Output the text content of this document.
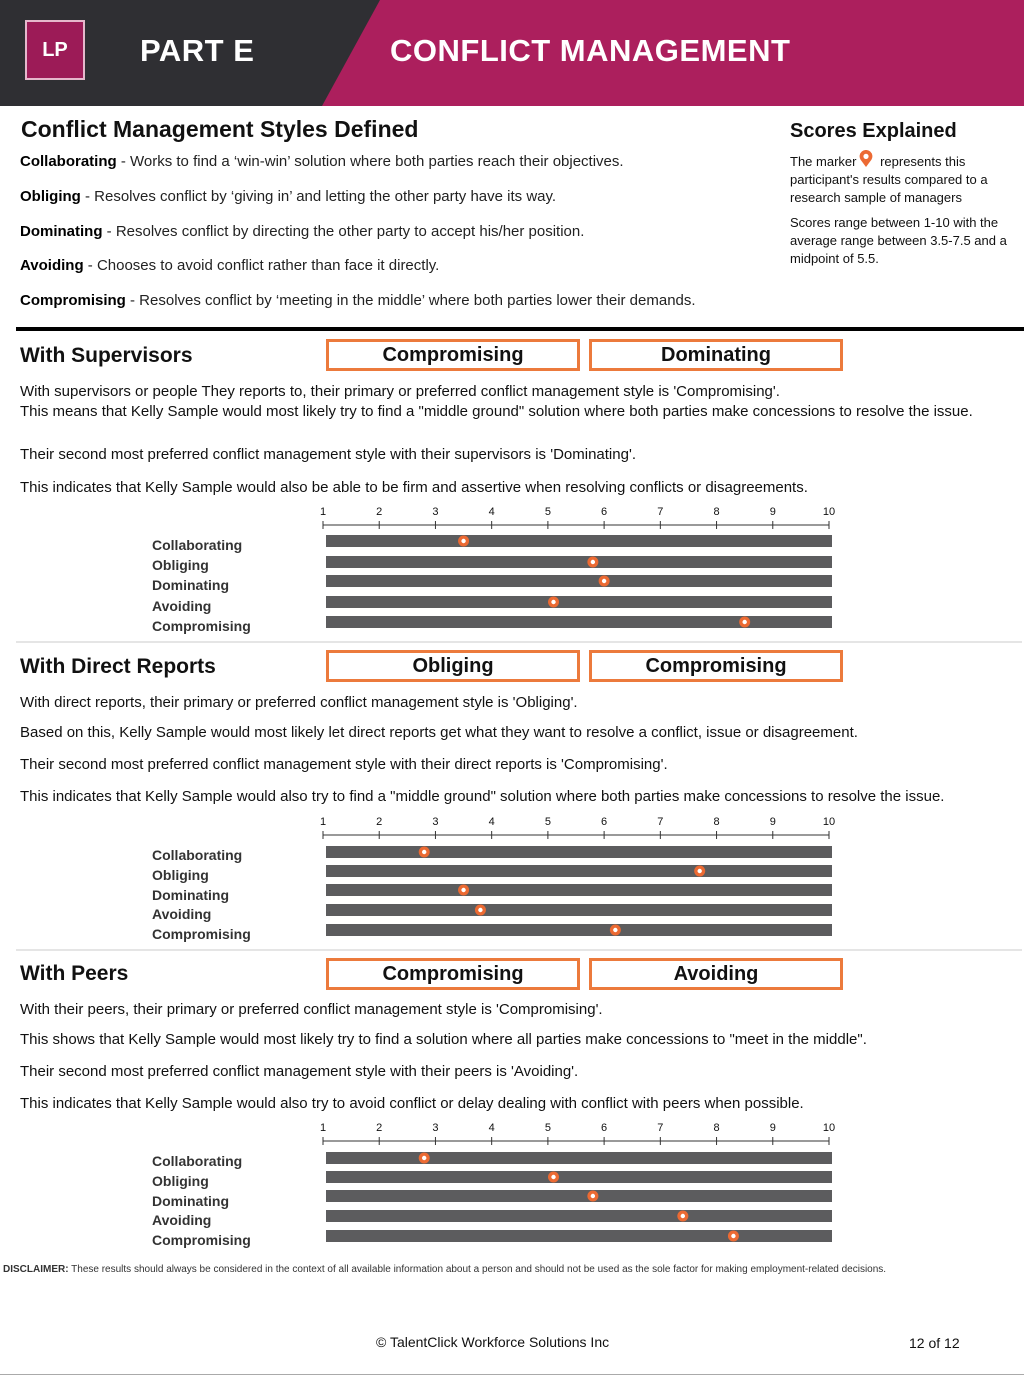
LP	PART E	CONFLICT MANAGEMENT
Conflict Management Styles Defined
Collaborating - Works to find a ‘win-win’ solution where both parties reach their objectives.
Obliging - Resolves conflict by ‘giving in’ and letting the other party have its way.
Dominating - Resolves conflict by directing the other party to accept his/her position.
Avoiding - Chooses to avoid conflict rather than face it directly.
Compromising - Resolves conflict by ‘meeting in the middle’ where both parties lower their demands.
Scores Explained
The marker represents this participant's results compared to a research sample of managers
Scores range between 1-10 with the average range between 3.5-7.5 and a midpoint of 5.5.
With Supervisors	Compromising	Dominating
With supervisors or people They reports to, their primary or preferred conflict management style is 'Compromising'.
This means that Kelly Sample would most likely try to find a "middle ground" solution where both parties make concessions to resolve the issue.
Their second most preferred conflict management style with their supervisors is 'Dominating'.
This indicates that Kelly Sample would also be able to be firm and assertive when resolving conflicts or disagreements.
1	2	3	4	5	6	7	8	9	10
Collaborating
Obliging
Dominating
Avoiding
Compromising
With Direct Reports	Obliging	Compromising
With direct reports, their primary or preferred conflict management style is 'Obliging'.
Based on this, Kelly Sample would most likely let direct reports get what they want to resolve a conflict, issue or disagreement.
Their second most preferred conflict management style with their direct reports is 'Compromising'.
This indicates that Kelly Sample would also try to find a "middle ground" solution where both parties make concessions to resolve the issue.
1	2	3	4	5	6	7	8	9	10
Collaborating
Obliging
Dominating
Avoiding
Compromising
With Peers	Compromising	Avoiding
With their peers, their primary or preferred conflict management style is 'Compromising'.
This shows that Kelly Sample would most likely try to find a solution where all parties make concessions to "meet in the middle".
Their second most preferred conflict management style with their peers is 'Avoiding'.
This indicates that Kelly Sample would also try to avoid conflict or delay dealing with conflict with peers when possible.
1	2	3	4	5	6	7	8	9	10
Collaborating
Obliging
Dominating
Avoiding
Compromising
DISCLAIMER: These results should always be considered in the context of all available information about a person and should not be used as the sole factor for making employment-related decisions.
© TalentClick Workforce Solutions Inc	12 of 12
